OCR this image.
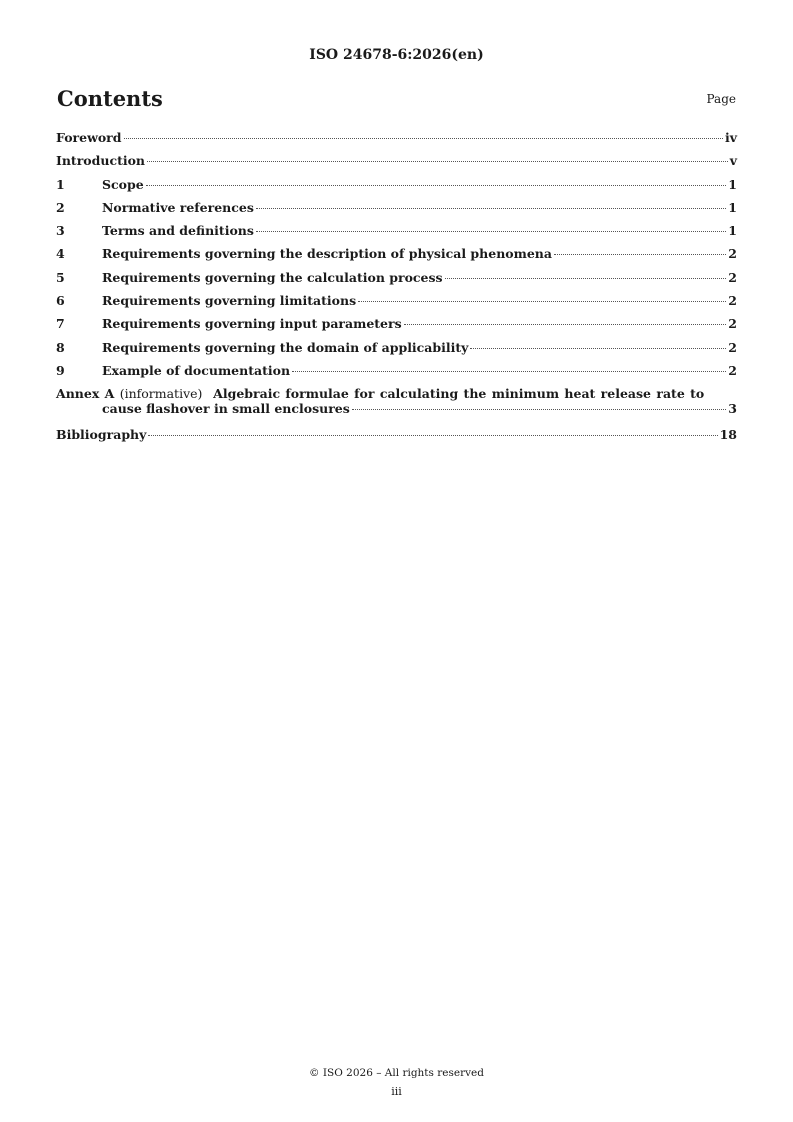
ISO 24678-6:2026(en)
Contents	Page
Foreword	iv
Introduction	v
1	Scope	1
2	Normative references	1
3	Terms and definitions	1
4	Requirements governing the description of physical phenomena	2
5	Requirements governing the calculation process	2
6	Requirements governing limitations	2
7	Requirements governing input parameters	2
8	Requirements governing the domain of applicability	2
9	Example of documentation	2
Annex A (informative) Algebraic formulae for calculating the minimum heat release rate to
cause flashover in small enclosures	3
Bibliography	18
© ISO 2026 – All rights reserved
iii
